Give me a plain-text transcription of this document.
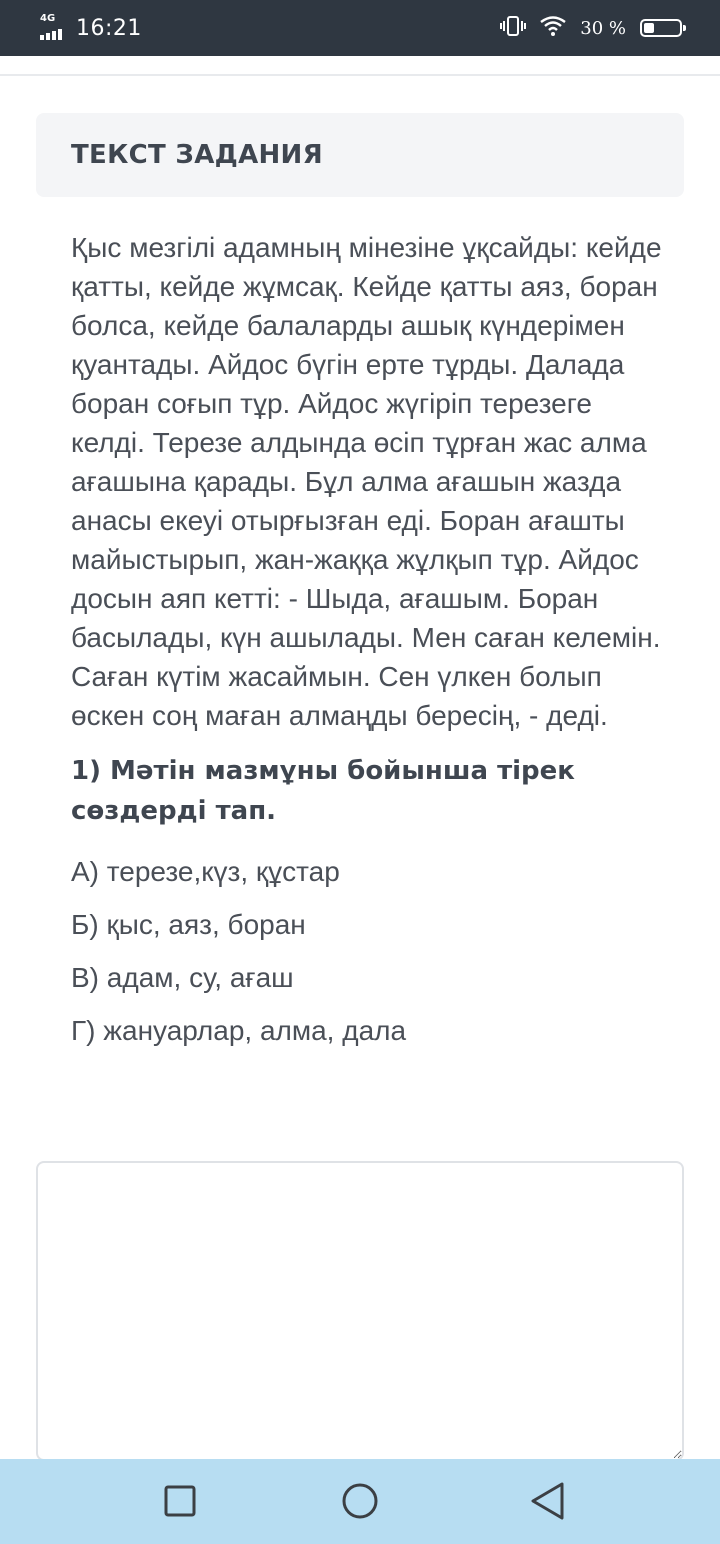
4G 16:21	30 %
ТЕКСТ ЗАДАНИЯ

Қыс мезгілі адамның мінезіне ұқсайды: кейде қатты, кейде жұмсақ. Кейде қатты аяз, боран болса, кейде балаларды ашық күндерімен қуантады. Айдос бүгін ерте тұрды. Далада боран соғып тұр. Айдос жүгіріп терезеге келді. Терезе алдында өсіп тұрған жас алма ағашына қарады. Бұл алма ағашын жазда анасы екеуі отырғызған еді. Боран ағашты майыстырып, жан-жаққа жұлқып тұр. Айдос досын аяп кетті: - Шыда, ағашым. Боран басылады, күн ашылады. Мен саған келемін. Саған күтім жасаймын. Сен үлкен болып өскен соң маған алмаңды бересің, - деді.

1) Мәтін мазмұны бойынша тірек сөздерді тап.

А) терезе,күз, құстар
Б) қыс, аяз, боран
В) адам, су, ағаш
Г) жануарлар, алма, дала
